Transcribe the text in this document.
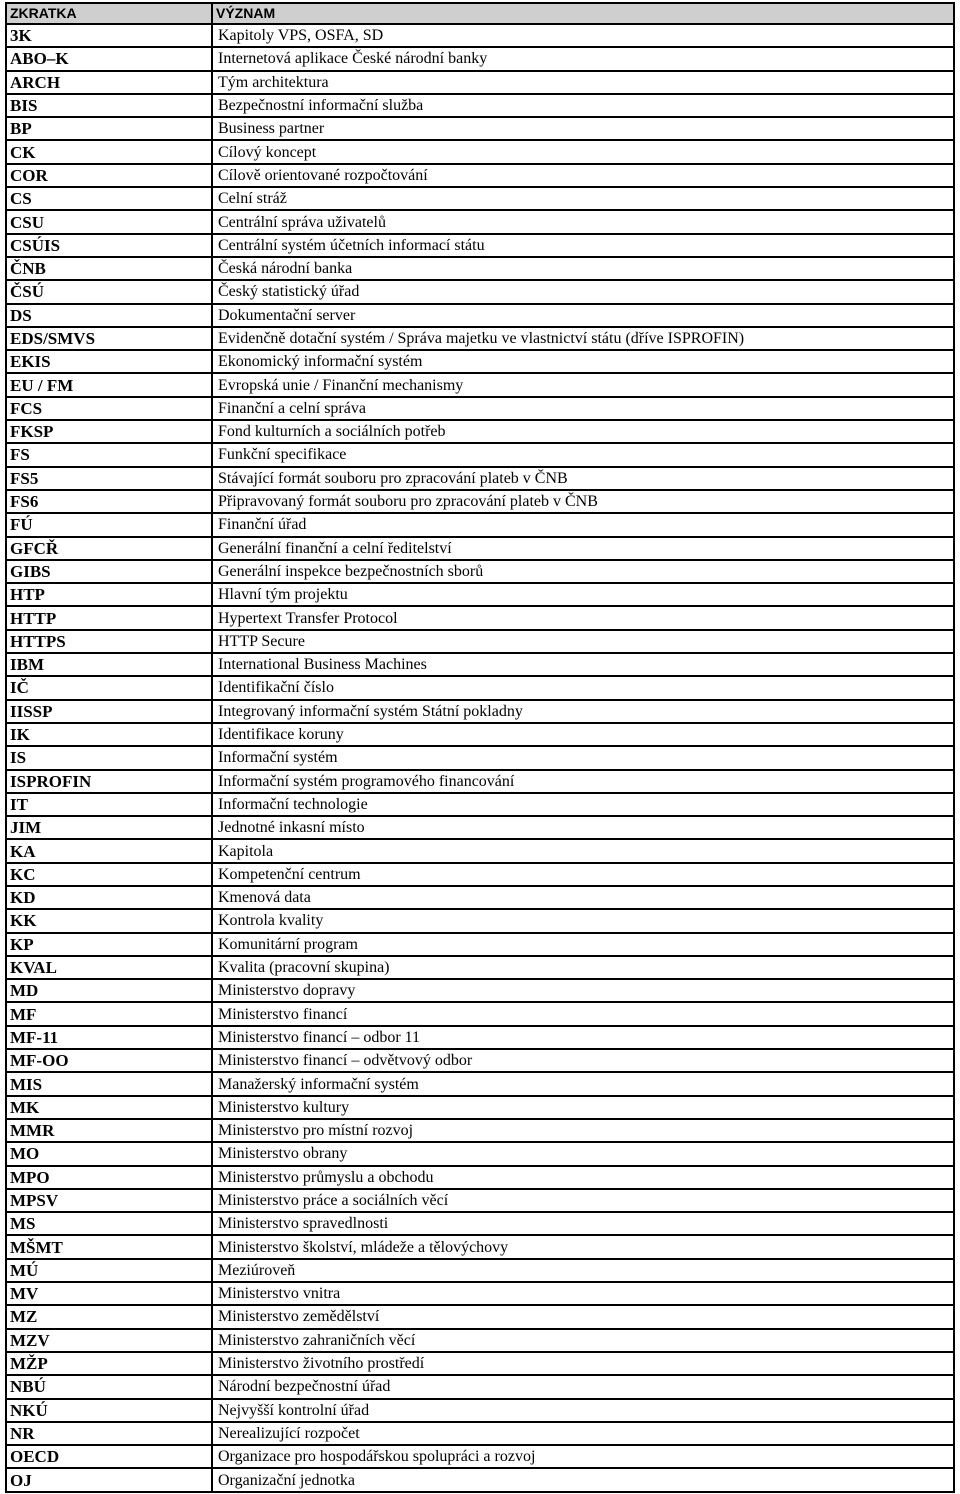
ZKRATKA	VÝZNAM
3K	Kapitoly VPS, OSFA, SD
ABO–K	Internetová aplikace České národní banky
ARCH	Tým architektura
BIS	Bezpečnostní informační služba
BP	Business partner
CK	Cílový koncept
COR	Cílově orientované rozpočtování
CS	Celní stráž
CSU	Centrální správa uživatelů
CSÚIS	Centrální systém účetních informací státu
ČNB	Česká národní banka
ČSÚ	Český statistický úřad
DS	Dokumentační server
EDS/SMVS	Evidenčně dotační systém / Správa majetku ve vlastnictví státu (dříve ISPROFIN)
EKIS	Ekonomický informační systém
EU / FM	Evropská unie / Finanční mechanismy
FCS	Finanční a celní správa
FKSP	Fond kulturních a sociálních potřeb
FS	Funkční specifikace
FS5	Stávající formát souboru pro zpracování plateb v ČNB
FS6	Připravovaný formát souboru pro zpracování plateb v ČNB
FÚ	Finanční úřad
GFCŘ	Generální finanční a celní ředitelství
GIBS	Generální inspekce bezpečnostních sborů
HTP	Hlavní tým projektu
HTTP	Hypertext Transfer Protocol
HTTPS	HTTP Secure
IBM	International Business Machines
IČ	Identifikační číslo
IISSP	Integrovaný informační systém Státní pokladny
IK	Identifikace koruny
IS	Informační systém
ISPROFIN	Informační systém programového financování
IT	Informační technologie
JIM	Jednotné inkasní místo
KA	Kapitola
KC	Kompetenční centrum
KD	Kmenová data
KK	Kontrola kvality
KP	Komunitární program
KVAL	Kvalita (pracovní skupina)
MD	Ministerstvo dopravy
MF	Ministerstvo financí
MF-11	Ministerstvo financí – odbor 11
MF-OO	Ministerstvo financí – odvětvový odbor
MIS	Manažerský informační systém
MK	Ministerstvo kultury
MMR	Ministerstvo pro místní rozvoj
MO	Ministerstvo obrany
MPO	Ministerstvo průmyslu a obchodu
MPSV	Ministerstvo práce a sociálních věcí
MS	Ministerstvo spravedlnosti
MŠMT	Ministerstvo školství, mládeže a tělovýchovy
MÚ	Meziúroveň
MV	Ministerstvo vnitra
MZ	Ministerstvo zemědělství
MZV	Ministerstvo zahraničních věcí
MŽP	Ministerstvo životního prostředí
NBÚ	Národní bezpečnostní úřad
NKÚ	Nejvyšší kontrolní úřad
NR	Nerealizující rozpočet
OECD	Organizace pro hospodářskou spolupráci a rozvoj
OJ	Organizační jednotka
